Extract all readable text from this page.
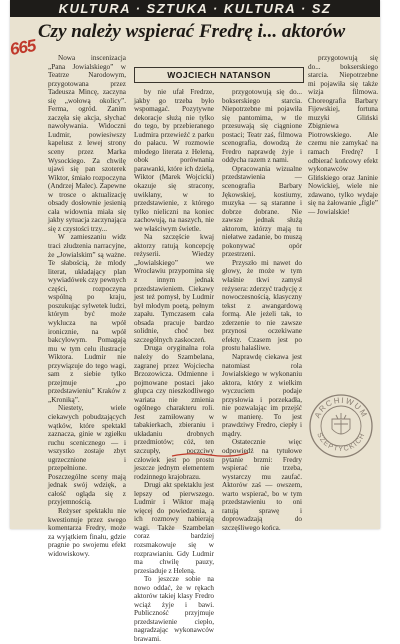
KULTURA · SZTUKA · KULTURA · SZ
665
Czy należy wspierać Fredrę i... aktorów

Nowa inscenizacja „Pana Jowialskiego” w Teatrze Narodowym, przygotowana przez Tadeusza Mincę, zaczyna się „wołową okolicy”. Ferma, ogród. Zanim zaczęła się akcja, słychać nawoływania. Widoczni Ludmir, powiesiwszy kapelusz z lewej strony sceny przez Marka Wysockiego. Za chwilę ujawi się pan szoterek Wiktor, śmiało rozpoczyna (Andrzej Malec). Zapewne w trosce o aktualizację obsady dosłownie jesienią cała widownia miała się jakby sytuacja zaczynająca się z czystości trzy...

W zamieszaniu widz traci złudzenia narracyjne, że „Jowialskim” są ważne. Te słabością, że mlody literat, układający plan wywiadówek czy pewnych części, rozpoczyna wspólną po kraju, poszukując sylwetek ludzi, którym być może wyklucza na wpół ironicznie, na wpół bakcylowym. Pomagają mu w tym celu ilustracje Wiktora. Ludmir nie przywiązuje do tego wagi, sam z siebie tylko przejmuje „po przedstawieniu” Kraków z „Kroniką”.

Niestety, wiele ciekawych pobudzających wątków, które spektakl zaznacza, ginie w zgiełku ruchu scenicznego — i wszystko zostaje zbyt ugrzecznione i przepełnione. Poszczególne sceny mają jednak swój wdzięk, a całość ogląda się z przyjemnością.

Reżyser spektaklu nie kwestionuje przez swego komentarza Fredry, może za wyjątkiem finału, gdzie pragnie po swojemu efekt widowiskowy.

WOJCIECH NATANSON

by nie ufał Fredrze, jakby go trzeba było wspomagać. Pozytywne dekoracje służą nie tylko do tego, by przebieranego Ludmira przewieźć z parku do pałacu. W rozmowie młodego literata z Heleną, obok porównania parawanki, które ich dzielą, Wiktor (Marek Wojcicki) okazuje się stracony, uwikłany, w to przedstawienie, z którego tylko nieliczni na koniec zachowują, na naszych, nie we właściwym świetle.

Na szczęście kwaj aktorzy ratują koncepcję reżyserii. Wiedzy „Jowialskiego” we Wrocławiu przypomina się z innym jednak przedstawieniem. Ciekawy jest też pomysł, by Ludmir był młodym poetą, pełnym zapału. Tymczasem cała obsada pracuje bardzo solidnie, choć bez szczególnych zaskoczeń.

Druga oryginalna rola należy do Szambelana, zagranej przez Wojciecha Brzozowicza. Odmienne i pojmowane postaci jako głupca czy nieszkodliwego wariata nie zmienia ogólnego charakteru roli. Jest zamiłowany w tabakierkach, zbieraniu i układaniu drobnych przedmiotów; cóż, ten szczupły, poczciwy człowiek jest po prostu jeszcze jednym elementem rodzinnego krajobrazu.

Drugi akt spektaklu jest lepszy od pierwszego. Ludmir i Wiktor mają więcej do powiedzenia, a ich rozmowy nabierają wagi. Także Szambelan coraz bardziej rozsmakowuje się w rozprawianiu. Gdy Ludmir ma chwilę pauzy, przesiaduje z Heleną.

To jeszcze sobie na nowo oddać, że w rękach aktorów takiej klasy Fredro wciąż żyje i bawi. Publiczność przyjmuje przedstawienie ciepło, nagradzając wykonawców brawami.

przygotowują się do... bokserskiego starcia. Niepotrzebne mi pojawiła się pantomima, w tle przesuwają się ciągnione postaci; Teatr zaś, filmowa scenografia, dowodzą że Fredro naprawdę żyje i oddycha razem z nami.

Opracowania wizualne przedstawienia — scenografia Barbary Jękowskiej, kostiumy, muzyka — są staranne i dobrze dobrane. Nie zawsze jednak służą aktorom, którzy mają tu niełatwe zadanie, bo muszą pokonywać opór przestrzeni.

Przyszło mi nawet do głowy, że może w tym właśnie tkwi zamysł reżysera: zderzyć tradycję z nowoczesnością, klasyczny tekst z awangardową formą. Ale jeżeli tak, to zderzenie to nie zawsze przynosi oczekiwane efekty. Czasem jest po prostu hałaśliwe.

Naprawdę ciekawa jest natomiast rola Jowialskiego w wykonaniu aktora, który z wielkim wyczuciem podaje przysłowia i porzekadła, nie pozwalając im przejść w manierę. To jest prawdziwy Fredro, ciepły i mądry.

Ostatecznie więc odpowiedź na tytułowe pytanie brzmi: Fredry wspierać nie trzeba, wystarczy mu zaufać. Aktorów zaś — owszem, warto wspierać, bo w tym przedstawieniu to oni ratują sprawę i doprowadzają do szczęśliwego końca.

przygotowują się do... bokserskiego starcia. Niepotrzebne mi pojawiła się także wizja filmowa. Choreografia Barbary Fijewskiej, fortuna muzyki Gliński Zbigniewa Piotrowskiego. Ale czemu nie zamykać na ramach Fredrę? I odbierać końcowy efekt wykonawców Glińskiego oraz Janinie Nowickiej, wiele nie zdawano, tylko wydaje się na żałowanie „figle” — Jowialskie!

ARCHIWUM
SZEPTYCKICH
